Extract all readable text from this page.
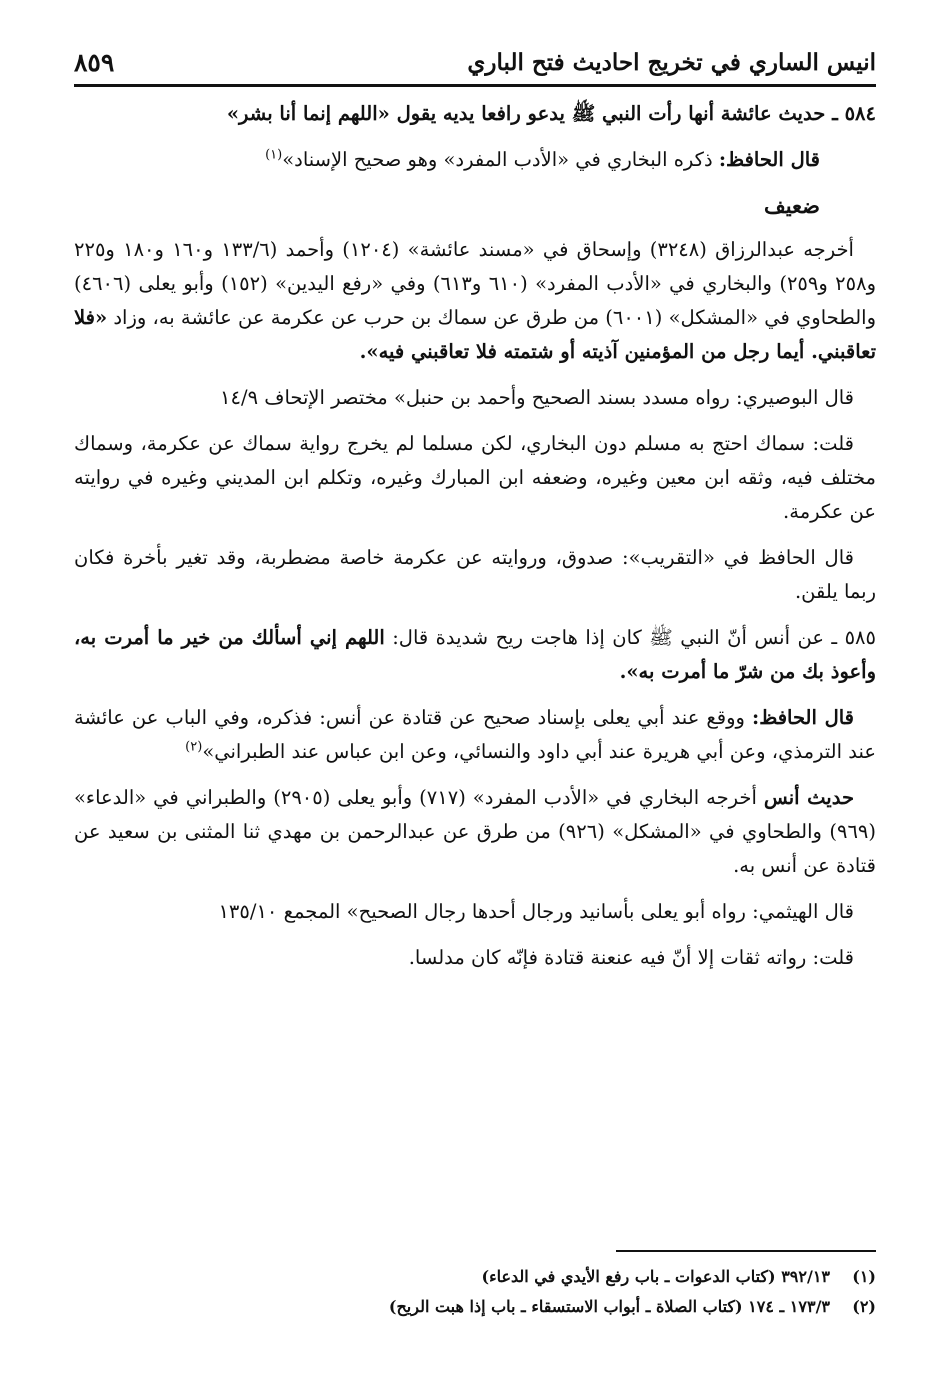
انيس الساري في تخريج احاديث فتح الباري
٨٥٩

٥٨٤ ـ حديث عائشة أنها رأت النبي ﷺ يدعو رافعا يديه يقول «اللهم إنما أنا بشر»

قال الحافظ: ذكره البخاري في «الأدب المفرد» وهو صحيح الإسناد»$^{(١)}$

ضعيف

أخرجه عبدالرزاق (٣٢٤٨) وإسحاق في «مسند عائشة» (١٢٠٤) وأحمد (١٣٣/٦ و١٦٠ و١٨٠ و٢٢٥ و٢٥٨ و٢٥٩) والبخاري في «الأدب المفرد» (٦١٠ و٦١٣) وفي «رفع اليدين» (١٥٢) وأبو يعلى (٤٦٠٦) والطحاوي في «المشكل» (٦٠٠١) من طرق عن سماك بن حرب عن عكرمة عن عائشة به، وزاد «فلا تعاقبني. أيما رجل من المؤمنين آذيته أو شتمته فلا تعاقبني فيه».

قال البوصيري: رواه مسدد بسند الصحيح وأحمد بن حنبل» مختصر الإتحاف ١٤/٩

قلت: سماك احتج به مسلم دون البخاري، لكن مسلما لم يخرج رواية سماك عن عكرمة، وسماك مختلف فيه، وثقه ابن معين وغيره، وضعفه ابن المبارك وغيره، وتكلم ابن المديني وغيره في روايته عن عكرمة.

قال الحافظ في «التقريب»: صدوق، وروايته عن عكرمة خاصة مضطربة، وقد تغير بأخرة فكان ربما يلقن.

٥٨٥ ـ عن أنس أنّ النبي ﷺ كان إذا هاجت ريح شديدة قال: اللهم إني أسألك من خير ما أمرت به، وأعوذ بك من شرّ ما أمرت به».

قال الحافظ: ووقع عند أبي يعلى بإسناد صحيح عن قتادة عن أنس: فذكره، وفي الباب عن عائشة عند الترمذي، وعن أبي هريرة عند أبي داود والنسائي، وعن ابن عباس عند الطبراني»$^{(٢)}$

حديث أنس أخرجه البخاري في «الأدب المفرد» (٧١٧) وأبو يعلى (٢٩٠٥) والطبراني في «الدعاء» (٩٦٩) والطحاوي في «المشكل» (٩٢٦) من طرق عن عبدالرحمن بن مهدي ثنا المثنى بن سعيد عن قتادة عن أنس به.

قال الهيثمي: رواه أبو يعلى بأسانيد ورجال أحدها رجال الصحيح» المجمع ١٣٥/١٠

قلت: رواته ثقات إلا أنّ فيه عنعنة قتادة فإنّه كان مدلسا.

(١)٣٩٢/١٣ (كتاب الدعوات ـ باب رفع الأيدي في الدعاء)

(٢)١٧٣/٣ ـ ١٧٤ (كتاب الصلاة ـ أبواب الاستسقاء ـ باب إذا هبت الريح)
